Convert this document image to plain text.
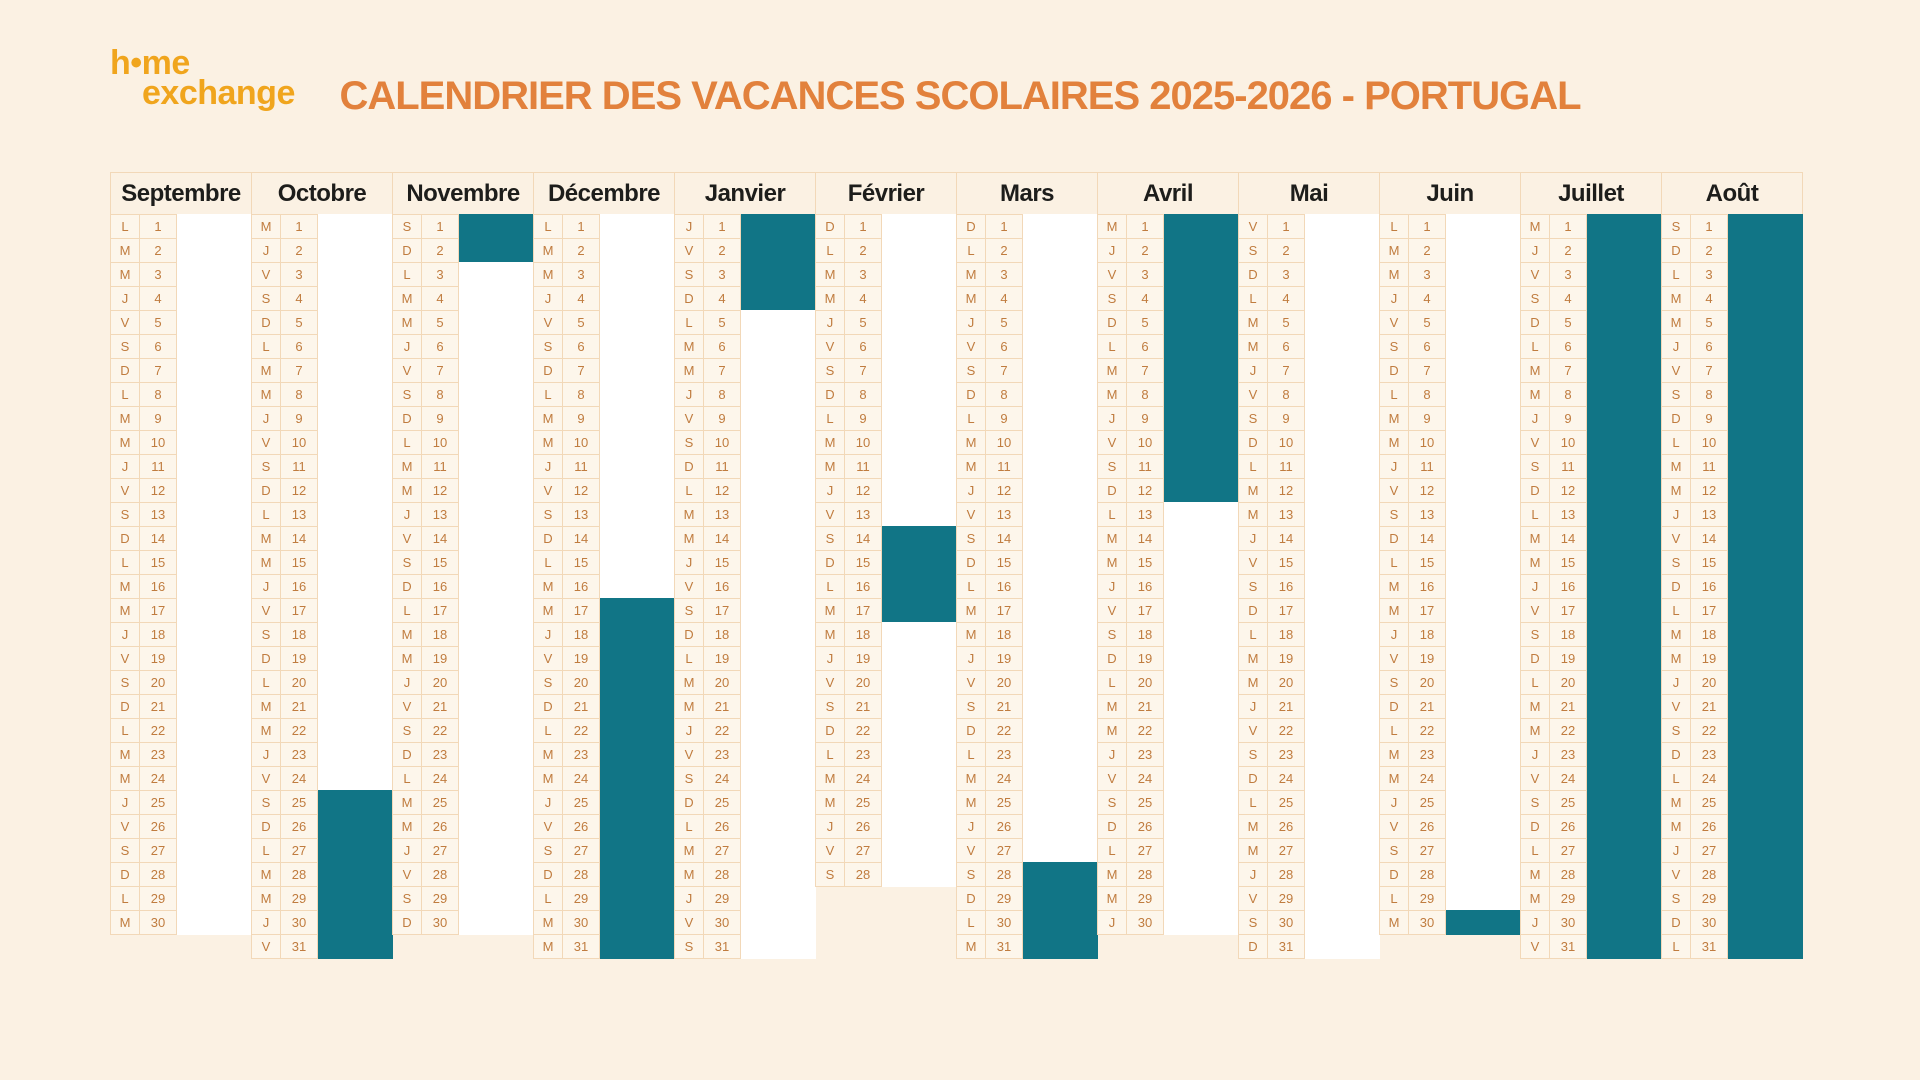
h•me
exchange	CALENDRIER DES VACANCES SCOLAIRES 2025-2026 - PORTUGAL
Septembre
L	1
M	2
M	3
J	4
V	5
S	6
D	7
L	8
M	9
M	10
J	11
V	12
S	13
D	14
L	15
M	16
M	17
J	18
V	19
S	20
D	21
L	22
M	23
M	24
J	25
V	26
S	27
D	28
L	29
M	30
Octobre
M	1
J	2
V	3
S	4
D	5
L	6
M	7
M	8
J	9
V	10
S	11
D	12
L	13
M	14
M	15
J	16
V	17
S	18
D	19
L	20
M	21
M	22
J	23
V	24
S	25
D	26
L	27
M	28
M	29
J	30
V	31
Novembre
S	1
D	2
L	3
M	4
M	5
J	6
V	7
S	8
D	9
L	10
M	11
M	12
J	13
V	14
S	15
D	16
L	17
M	18
M	19
J	20
V	21
S	22
D	23
L	24
M	25
M	26
J	27
V	28
S	29
D	30
Décembre
L	1
M	2
M	3
J	4
V	5
S	6
D	7
L	8
M	9
M	10
J	11
V	12
S	13
D	14
L	15
M	16
M	17
J	18
V	19
S	20
D	21
L	22
M	23
M	24
J	25
V	26
S	27
D	28
L	29
M	30
M	31
Janvier
J	1
V	2
S	3
D	4
L	5
M	6
M	7
J	8
V	9
S	10
D	11
L	12
M	13
M	14
J	15
V	16
S	17
D	18
L	19
M	20
M	21
J	22
V	23
S	24
D	25
L	26
M	27
M	28
J	29
V	30
S	31
Février
D	1
L	2
M	3
M	4
J	5
V	6
S	7
D	8
L	9
M	10
M	11
J	12
V	13
S	14
D	15
L	16
M	17
M	18
J	19
V	20
S	21
D	22
L	23
M	24
M	25
J	26
V	27
S	28
Mars
D	1
L	2
M	3
M	4
J	5
V	6
S	7
D	8
L	9
M	10
M	11
J	12
V	13
S	14
D	15
L	16
M	17
M	18
J	19
V	20
S	21
D	22
L	23
M	24
M	25
J	26
V	27
S	28
D	29
L	30
M	31
Avril
M	1
J	2
V	3
S	4
D	5
L	6
M	7
M	8
J	9
V	10
S	11
D	12
L	13
M	14
M	15
J	16
V	17
S	18
D	19
L	20
M	21
M	22
J	23
V	24
S	25
D	26
L	27
M	28
M	29
J	30
Mai
V	1
S	2
D	3
L	4
M	5
M	6
J	7
V	8
S	9
D	10
L	11
M	12
M	13
J	14
V	15
S	16
D	17
L	18
M	19
M	20
J	21
V	22
S	23
D	24
L	25
M	26
M	27
J	28
V	29
S	30
D	31
Juin
L	1
M	2
M	3
J	4
V	5
S	6
D	7
L	8
M	9
M	10
J	11
V	12
S	13
D	14
L	15
M	16
M	17
J	18
V	19
S	20
D	21
L	22
M	23
M	24
J	25
V	26
S	27
D	28
L	29
M	30
Juillet
M	1
J	2
V	3
S	4
D	5
L	6
M	7
M	8
J	9
V	10
S	11
D	12
L	13
M	14
M	15
J	16
V	17
S	18
D	19
L	20
M	21
M	22
J	23
V	24
S	25
D	26
L	27
M	28
M	29
J	30
V	31
Août
S	1
D	2
L	3
M	4
M	5
J	6
V	7
S	8
D	9
L	10
M	11
M	12
J	13
V	14
S	15
D	16
L	17
M	18
M	19
J	20
V	21
S	22
D	23
L	24
M	25
M	26
J	27
V	28
S	29
D	30
L	31
